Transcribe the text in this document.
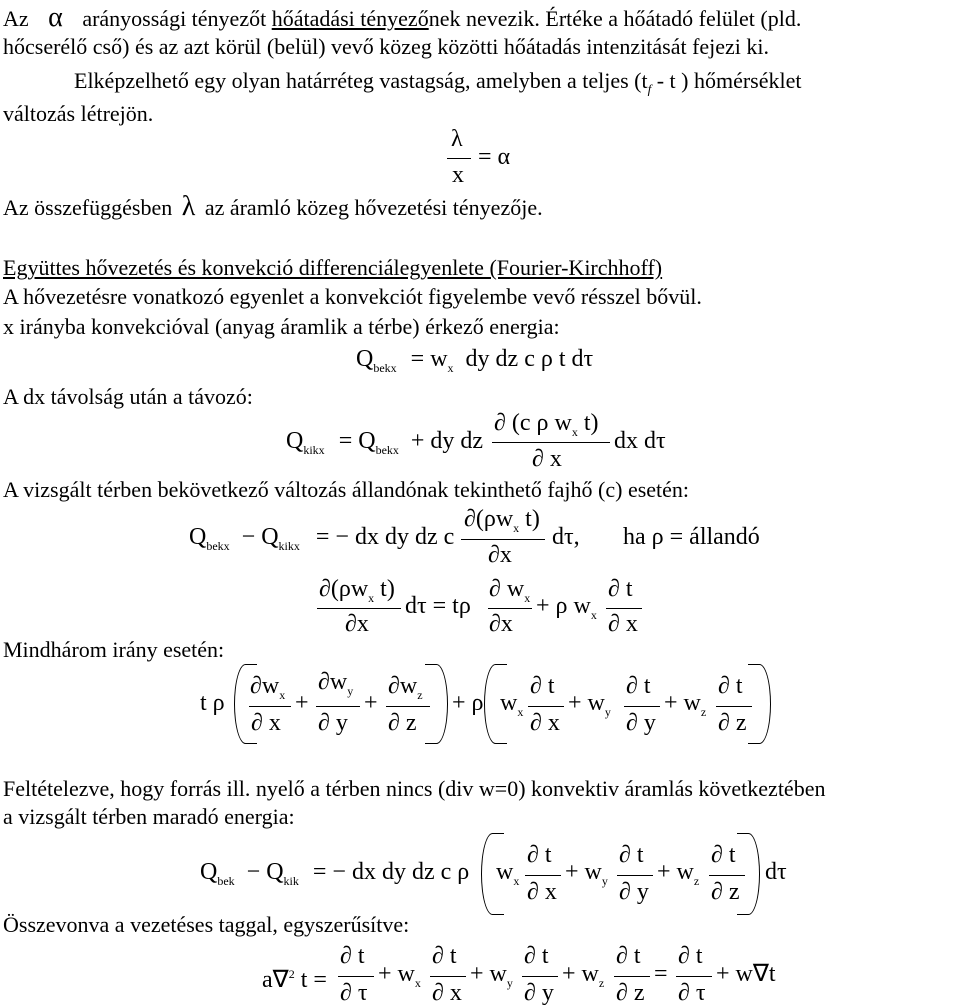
Az α arányossági tényezőt hőátadási tényezőnek nevezik. Értéke a hőátadó felület (pld.
hőcserélő cső) és az azt körül (belül) vevő közeg közötti hőátadás intenzitását fejezi ki.
Elképzelhető egy olyan határréteg vastagság, amelyben a teljes ($t_f$ - t ) hőmérséklet
változás létrejön.
λ
= α
x
Az összefüggésben λ az áramló közeg hővezetési tényezője.
Együttes hővezetés és konvekció differenciálegyenlete (Fourier-Kirchhoff)
A hővezetésre vonatkozó egyenlet a konvekciót figyelembe vevő résszel bővül.
x irányba konvekcióval (anyag áramlik a térbe) érkező energia:
$Q_{bekx} = w_x$ dy dz c ρ t dτ
A dx távolság után a távozó:
$Q_{kikx} = Q_{bekx}$ + dy dz
∂ (c ρ $w_x$ t)
∂ x
dx dτ
A vizsgált térben bekövetkező változás állandónak tekinthető fajhő (c) esetén:
$Q_{bekx} - Q_{kikx}$ = − dx dy dz c
$\partial(\rho w_x$ t)
∂x
dτ, ha ρ = állandó
$\partial(\rho w_x$ t)
∂x
dτ = tρ
∂ $w_x$
∂x
+ ρ $w_x$
∂ t
∂ x
Mindhárom irány esetén:
t ρ
$\partial w_x$
∂ x
+
$\partial w_y$
∂ y
+
$\partial w_z$
∂ z
+ ρ $w_x$
∂ t
∂ x
+ $w_y$
∂ t
∂ y
+ $w_z$
∂ t
∂ z
Feltételezve, hogy forrás ill. nyelő a térben nincs (div w=0) konvektiv áramlás következtében
a vizsgált térben maradó energia:
$Q_{bek} - Q_{kik}$ = − dx dy dz c ρ $w_x$
∂ t
∂ x
+ $w_y$
∂ t
∂ y
+ $w_z$
∂ t
∂ z
dτ
Összevonva a vezetéses taggal, egyszerűsítve:
a∇$^2$ t =
∂ t
∂ τ
+ $w_x$
∂ t
∂ x
+ $w_y$
∂ t
∂ y
+ $w_z$
∂ t
∂ z
=
∂ t
∂ τ
+ w∇t
